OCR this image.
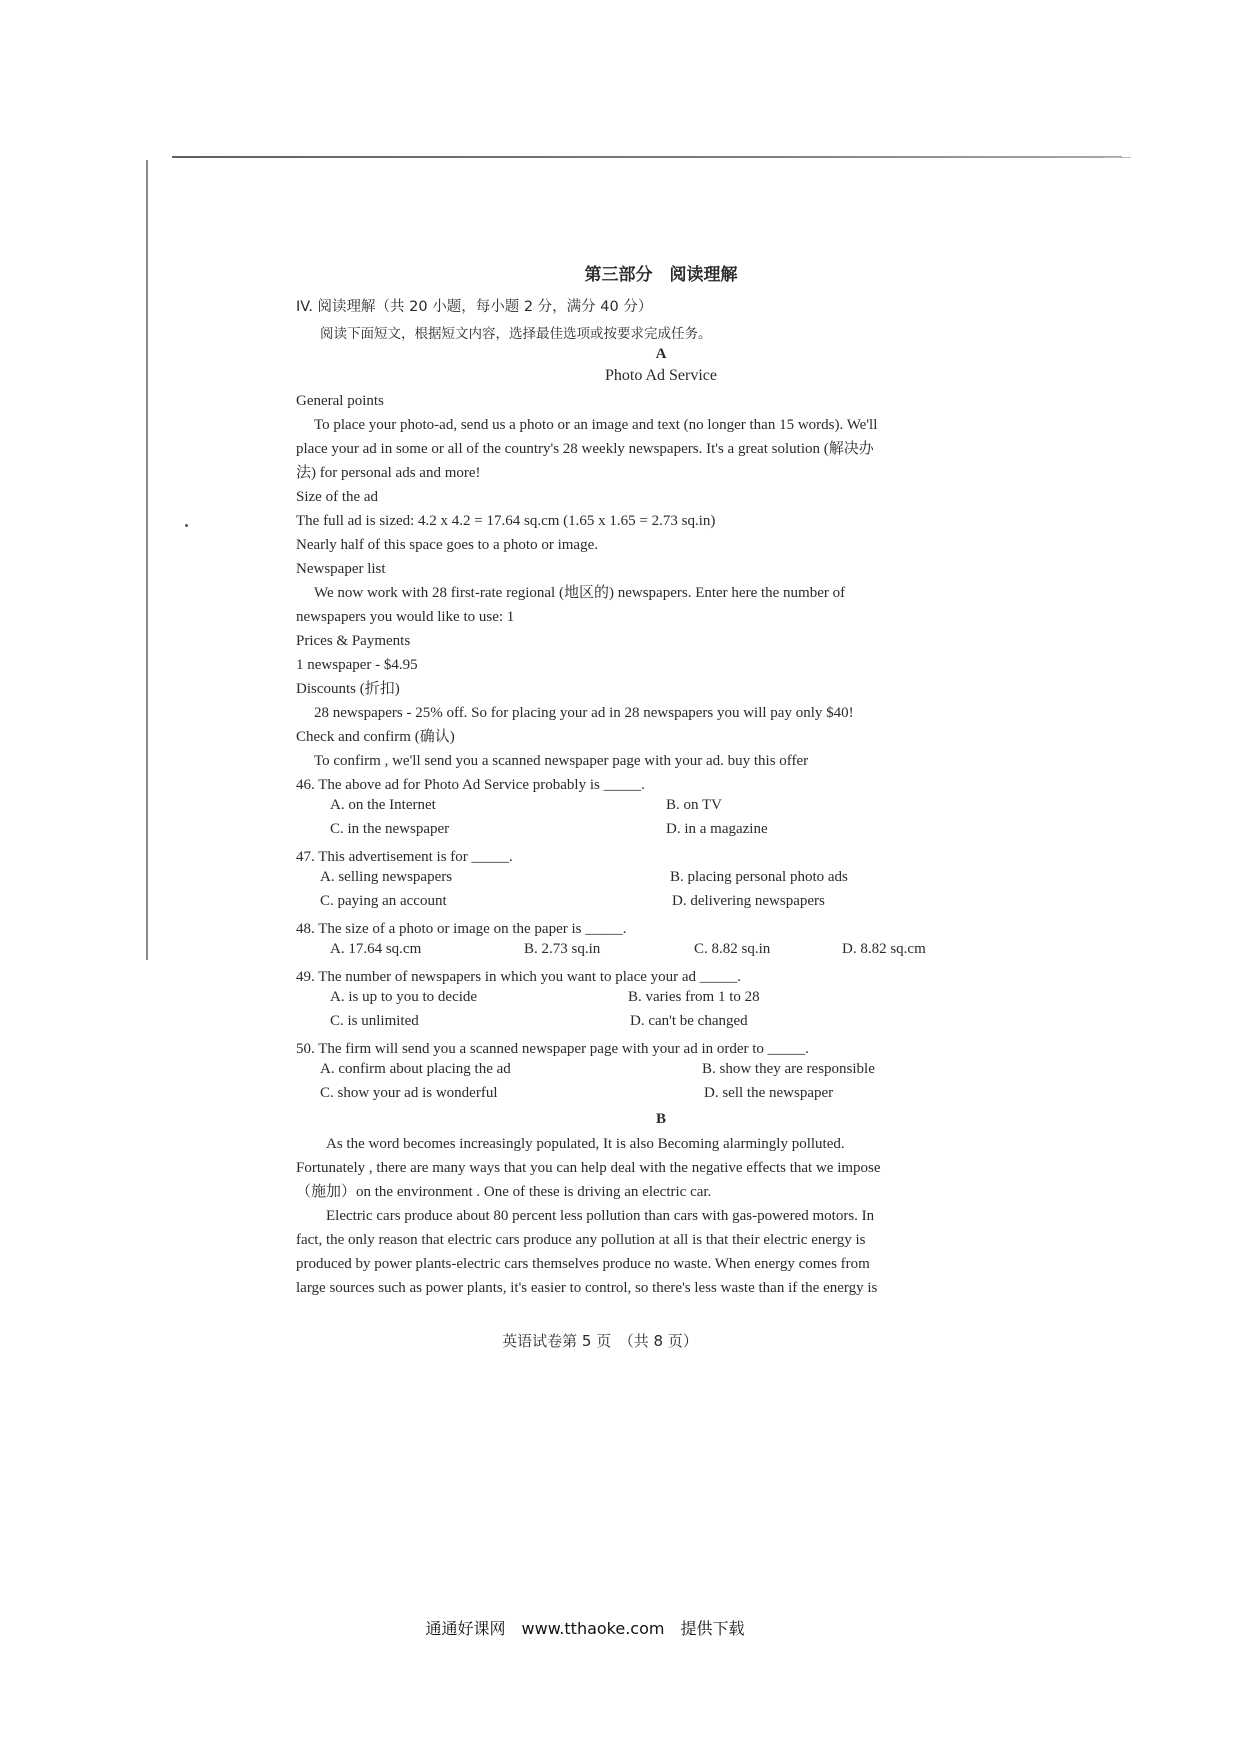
第三部分　阅读理解
IV. 阅读理解（共 20 小题，每小题 2 分，满分 40 分）
阅读下面短文，根据短文内容，选择最佳选项或按要求完成任务。
A
Photo Ad Service
General points
To place your photo-ad, send us a photo or an image and text (no longer than 15 words). We'll
place your ad in some or all of the country's 28 weekly newspapers. It's a great solution (解决办
法) for personal ads and more!
Size of the ad
The full ad is sized: 4.2 x 4.2 = 17.64 sq.cm (1.65 x 1.65 = 2.73 sq.in)
Nearly half of this space goes to a photo or image.
Newspaper list
We now work with 28 first-rate regional (地区的) newspapers. Enter here the number of
newspapers you would like to use: 1
Prices & Payments
1 newspaper - $4.95
Discounts (折扣)
28 newspapers - 25% off. So for placing your ad in 28 newspapers you will pay only $40!
Check and confirm (确认)
To confirm , we'll send you a scanned newspaper page with your ad. buy this offer
46. The above ad for Photo Ad Service probably is _____.
A. on the Internet	B. on TV
C. in the newspaper	D. in a magazine
47. This advertisement is for _____.
A. selling newspapers	B. placing personal photo ads
C. paying an account	D. delivering newspapers
48. The size of a photo or image on the paper is _____.
A. 17.64 sq.cm	B. 2.73 sq.in	C. 8.82 sq.in	D. 8.82 sq.cm
49. The number of newspapers in which you want to place your ad _____.
A. is up to you to decide	B. varies from 1 to 28
C. is unlimited	D. can't be changed
50. The firm will send you a scanned newspaper page with your ad in order to _____.
A. confirm about placing the ad	B. show they are responsible
C. show your ad is wonderful	D. sell the newspaper
B
As the word becomes increasingly populated, It is also Becoming alarmingly polluted.
Fortunately , there are many ways that you can help deal with the negative effects that we impose
（施加）on the environment . One of these is driving an electric car.
Electric cars produce about 80 percent less pollution than cars with gas-powered motors. In
fact, the only reason that electric cars produce any pollution at all is that their electric energy is
produced by power plants-electric cars themselves produce no waste. When energy comes from
large sources such as power plants, it's easier to control, so there's less waste than if the energy is
英语试卷第 5 页　（共 8 页）
通通好课网　www.tthaoke.com　提供下载
